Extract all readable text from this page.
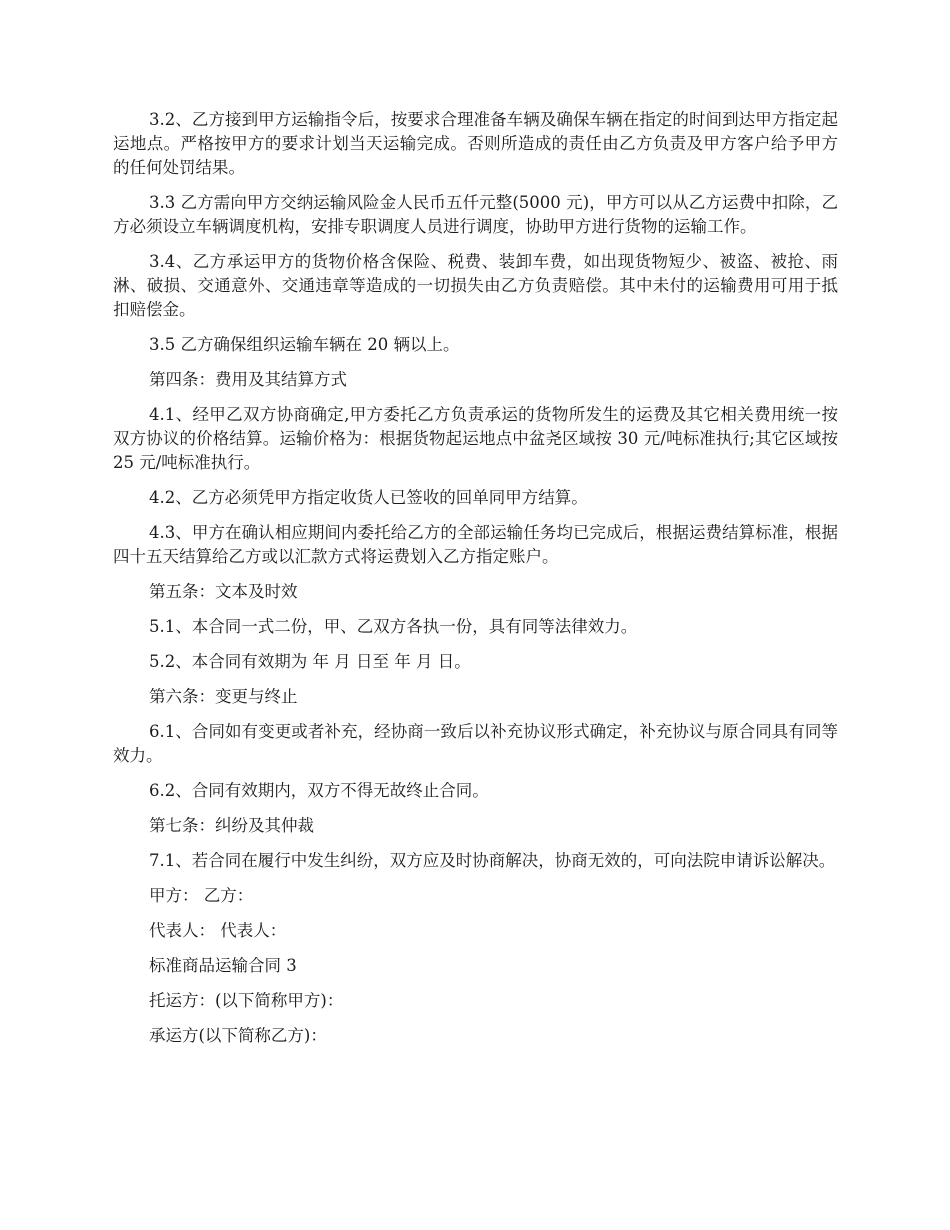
3.2、乙方接到甲方运输指令后，按要求合理准备车辆及确保车辆在指定的时间到达甲方指定起运地点。严格按甲方的要求计划当天运输完成。否则所造成的责任由乙方负责及甲方客户给予甲方的任何处罚结果。

3.3 乙方需向甲方交纳运输风险金人民币五仟元整(5000 元)，甲方可以从乙方运费中扣除，乙方必须设立车辆调度机构，安排专职调度人员进行调度，协助甲方进行货物的运输工作。

3.4、乙方承运甲方的货物价格含保险、税费、装卸车费，如出现货物短少、被盗、被抢、雨淋、破损、交通意外、交通违章等造成的一切损失由乙方负责赔偿。其中未付的运输费用可用于抵扣赔偿金。

3.5 乙方确保组织运输车辆在 20 辆以上。

第四条：费用及其结算方式

4.1、经甲乙双方协商确定,甲方委托乙方负责承运的货物所发生的运费及其它相关费用统一按双方协议的价格结算。运输价格为：根据货物起运地点中盆尧区域按 30 元/吨标准执行;其它区域按 25 元/吨标准执行。

4.2、乙方必须凭甲方指定收货人已签收的回单同甲方结算。

4.3、甲方在确认相应期间内委托给乙方的全部运输任务均已完成后，根据运费结算标准，根据四十五天结算给乙方或以汇款方式将运费划入乙方指定账户。

第五条：文本及时效

5.1、本合同一式二份，甲、乙双方各执一份，具有同等法律效力。

5.2、本合同有效期为 年 月 日至 年 月 日。

第六条：变更与终止

6.1、合同如有变更或者补充，经协商一致后以补充协议形式确定，补充协议与原合同具有同等效力。

6.2、合同有效期内，双方不得无故终止合同。

第七条：纠纷及其仲裁

7.1、若合同在履行中发生纠纷，双方应及时协商解决，协商无效的，可向法院申请诉讼解决。

甲方： 乙方：

代表人： 代表人：

标准商品运输合同 3

托运方：(以下简称甲方)：

承运方(以下简称乙方)：
